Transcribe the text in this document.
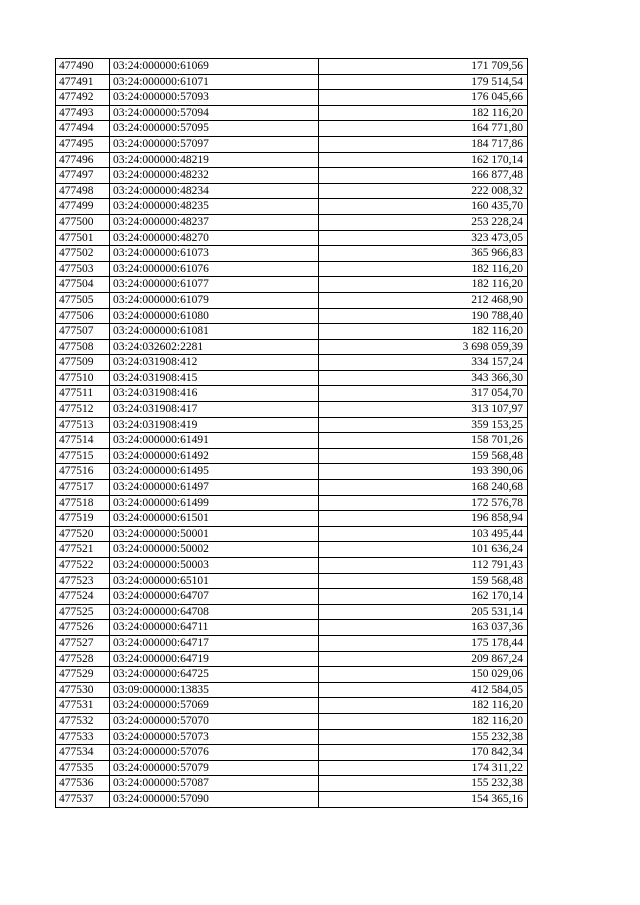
477490	03:24:000000:61069	171 709,56
477491	03:24:000000:61071	179 514,54
477492	03:24:000000:57093	176 045,66
477493	03:24:000000:57094	182 116,20
477494	03:24:000000:57095	164 771,80
477495	03:24:000000:57097	184 717,86
477496	03:24:000000:48219	162 170,14
477497	03:24:000000:48232	166 877,48
477498	03:24:000000:48234	222 008,32
477499	03:24:000000:48235	160 435,70
477500	03:24:000000:48237	253 228,24
477501	03:24:000000:48270	323 473,05
477502	03:24:000000:61073	365 966,83
477503	03:24:000000:61076	182 116,20
477504	03:24:000000:61077	182 116,20
477505	03:24:000000:61079	212 468,90
477506	03:24:000000:61080	190 788,40
477507	03:24:000000:61081	182 116,20
477508	03:24:032602:2281	3 698 059,39
477509	03:24:031908:412	334 157,24
477510	03:24:031908:415	343 366,30
477511	03:24:031908:416	317 054,70
477512	03:24:031908:417	313 107,97
477513	03:24:031908:419	359 153,25
477514	03:24:000000:61491	158 701,26
477515	03:24:000000:61492	159 568,48
477516	03:24:000000:61495	193 390,06
477517	03:24:000000:61497	168 240,68
477518	03:24:000000:61499	172 576,78
477519	03:24:000000:61501	196 858,94
477520	03:24:000000:50001	103 495,44
477521	03:24:000000:50002	101 636,24
477522	03:24:000000:50003	112 791,43
477523	03:24:000000:65101	159 568,48
477524	03:24:000000:64707	162 170,14
477525	03:24:000000:64708	205 531,14
477526	03:24:000000:64711	163 037,36
477527	03:24:000000:64717	175 178,44
477528	03:24:000000:64719	209 867,24
477529	03:24:000000:64725	150 029,06
477530	03:09:000000:13835	412 584,05
477531	03:24:000000:57069	182 116,20
477532	03:24:000000:57070	182 116,20
477533	03:24:000000:57073	155 232,38
477534	03:24:000000:57076	170 842,34
477535	03:24:000000:57079	174 311,22
477536	03:24:000000:57087	155 232,38
477537	03:24:000000:57090	154 365,16
